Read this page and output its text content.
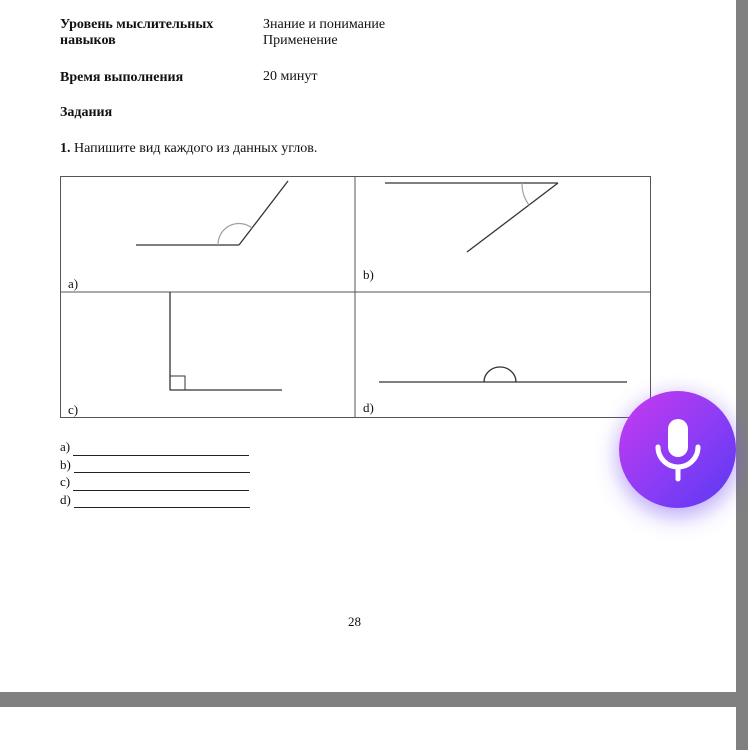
Уровень мыслительных
навыков
Знание и понимание
Применение
Время выполнения	20 минут
Задания
1. Напишите вид каждого из данных углов.
a)
b)
c)	d)
a)
b)
c)
d)
28
